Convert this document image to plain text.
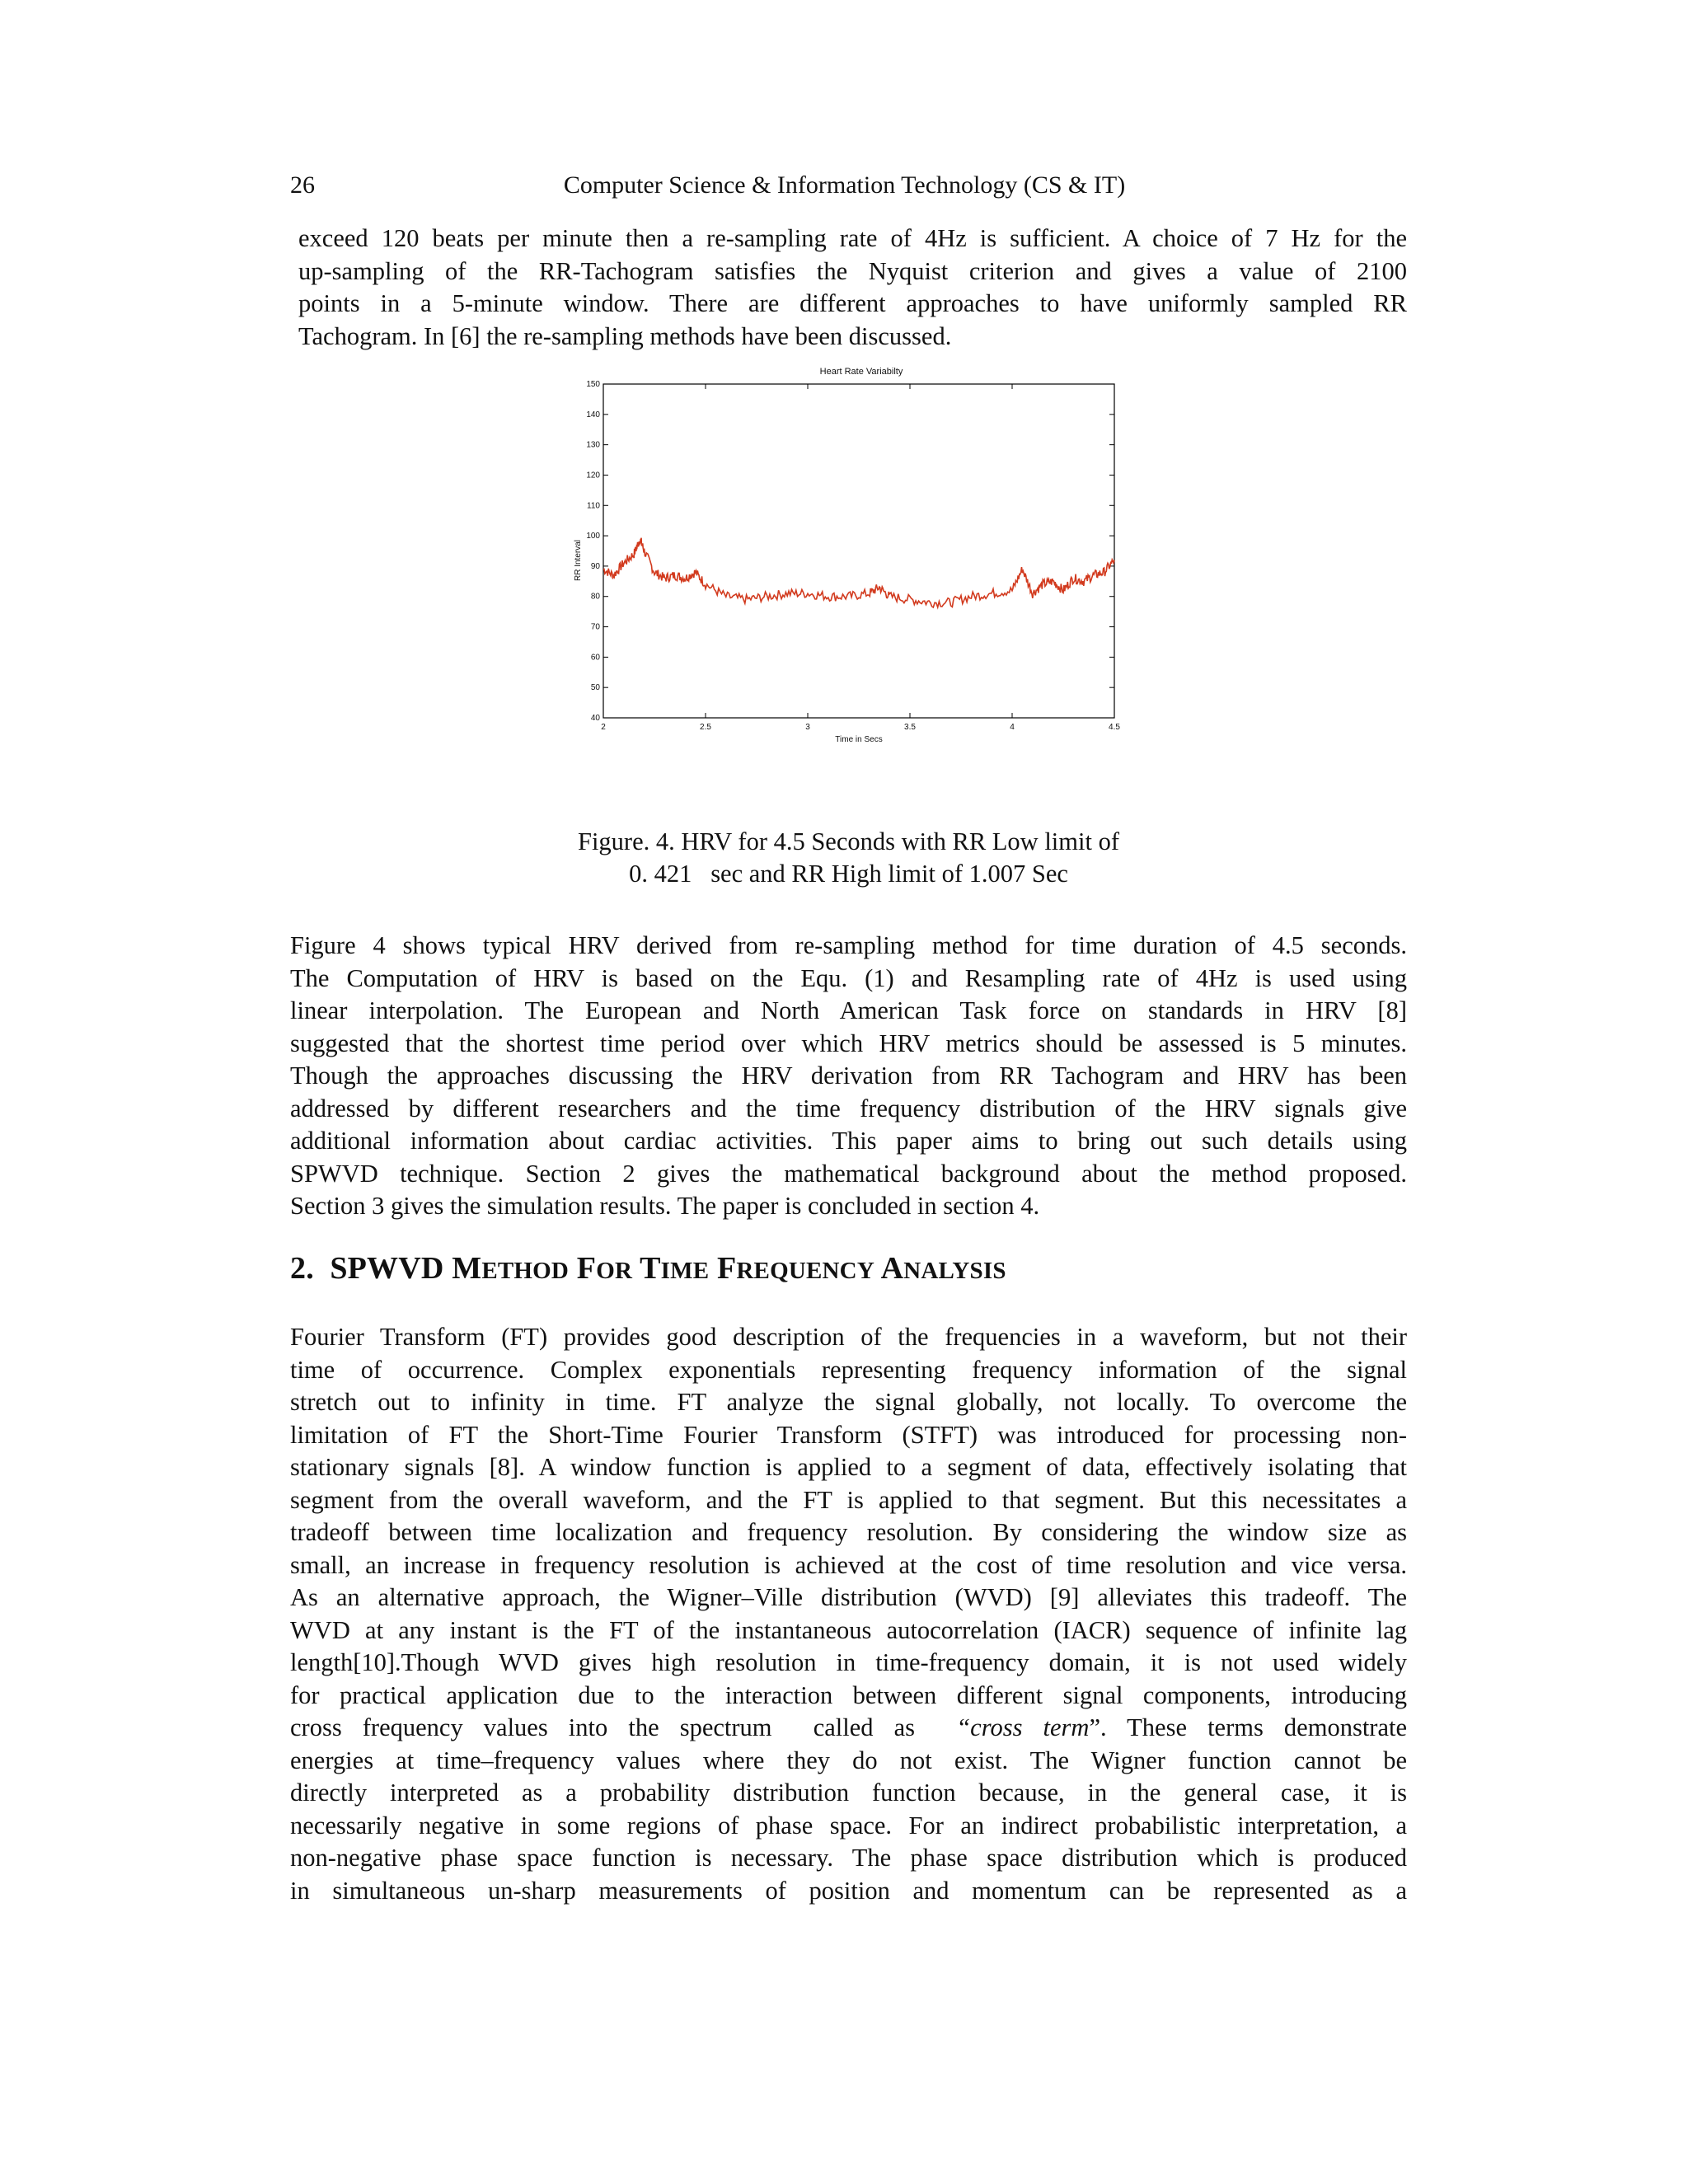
26	Computer Science & Information Technology (CS & IT)
exceed 120 beats per minute then a re-sampling rate of 4Hz is sufficient. A choice of 7 Hz for the
up-sampling of the RR-Tachogram satisfies the Nyquist criterion and gives a value of 2100
points in a 5-minute window. There are different approaches to have uniformly sampled RR
Tachogram. In [6] the re-sampling methods have been discussed.
Heart Rate Variabilty
2	2.5	3	3.5	4	4.5
40
50
60
70
80
90
100
110
120
130
140
150
Time in Secs
RR Interval
Figure. 4. HRV for 4.5 Seconds with RR Low limit of
0. 421   sec and RR High limit of 1.007 Sec
Figure 4 shows typical HRV derived from re-sampling method for time duration of 4.5 seconds.
The Computation of HRV is based on the Equ. (1) and Resampling rate of 4Hz is used using
linear interpolation. The European and North American Task force on standards in HRV [8]
suggested that the shortest time period over which HRV metrics should be assessed is 5 minutes.
Though the approaches discussing the HRV derivation from RR Tachogram and HRV has been
addressed by different researchers and the time frequency distribution of the HRV signals give
additional information about cardiac activities. This paper aims to bring out such details using
SPWVD technique. Section 2 gives the mathematical background about the method proposed.
Section 3 gives the simulation results. The paper is concluded in section 4.
2. SPWVD METHOD FOR TIME FREQUENCY ANALYSIS
Fourier Transform (FT) provides good description of the frequencies in a waveform, but not their
time of occurrence. Complex exponentials representing frequency information of the signal
stretch out to infinity in time. FT analyze the signal globally, not locally. To overcome the
limitation of FT the Short-Time Fourier Transform (STFT) was introduced for processing non-
stationary signals [8]. A window function is applied to a segment of data, effectively isolating that
segment from the overall waveform, and the FT is applied to that segment. But this necessitates a
tradeoff between time localization and frequency resolution. By considering the window size as
small, an increase in frequency resolution is achieved at the cost of time resolution and vice versa.
As an alternative approach, the Wigner–Ville distribution (WVD) [9] alleviates this tradeoff. The
WVD at any instant is the FT of the instantaneous autocorrelation (IACR) sequence of infinite lag
length[10].Though WVD gives high resolution in time-frequency domain, it is not used widely
for practical application due to the interaction between different signal components, introducing
cross frequency values into the spectrum  called as  “cross term”. These terms demonstrate
energies at time–frequency values where they do not exist. The Wigner function cannot be
directly interpreted as a probability distribution function because, in the general case, it is
necessarily negative in some regions of phase space. For an indirect probabilistic interpretation, a
non-negative phase space function is necessary. The phase space distribution which is produced
in simultaneous un-sharp measurements of position and momentum can be represented as a
